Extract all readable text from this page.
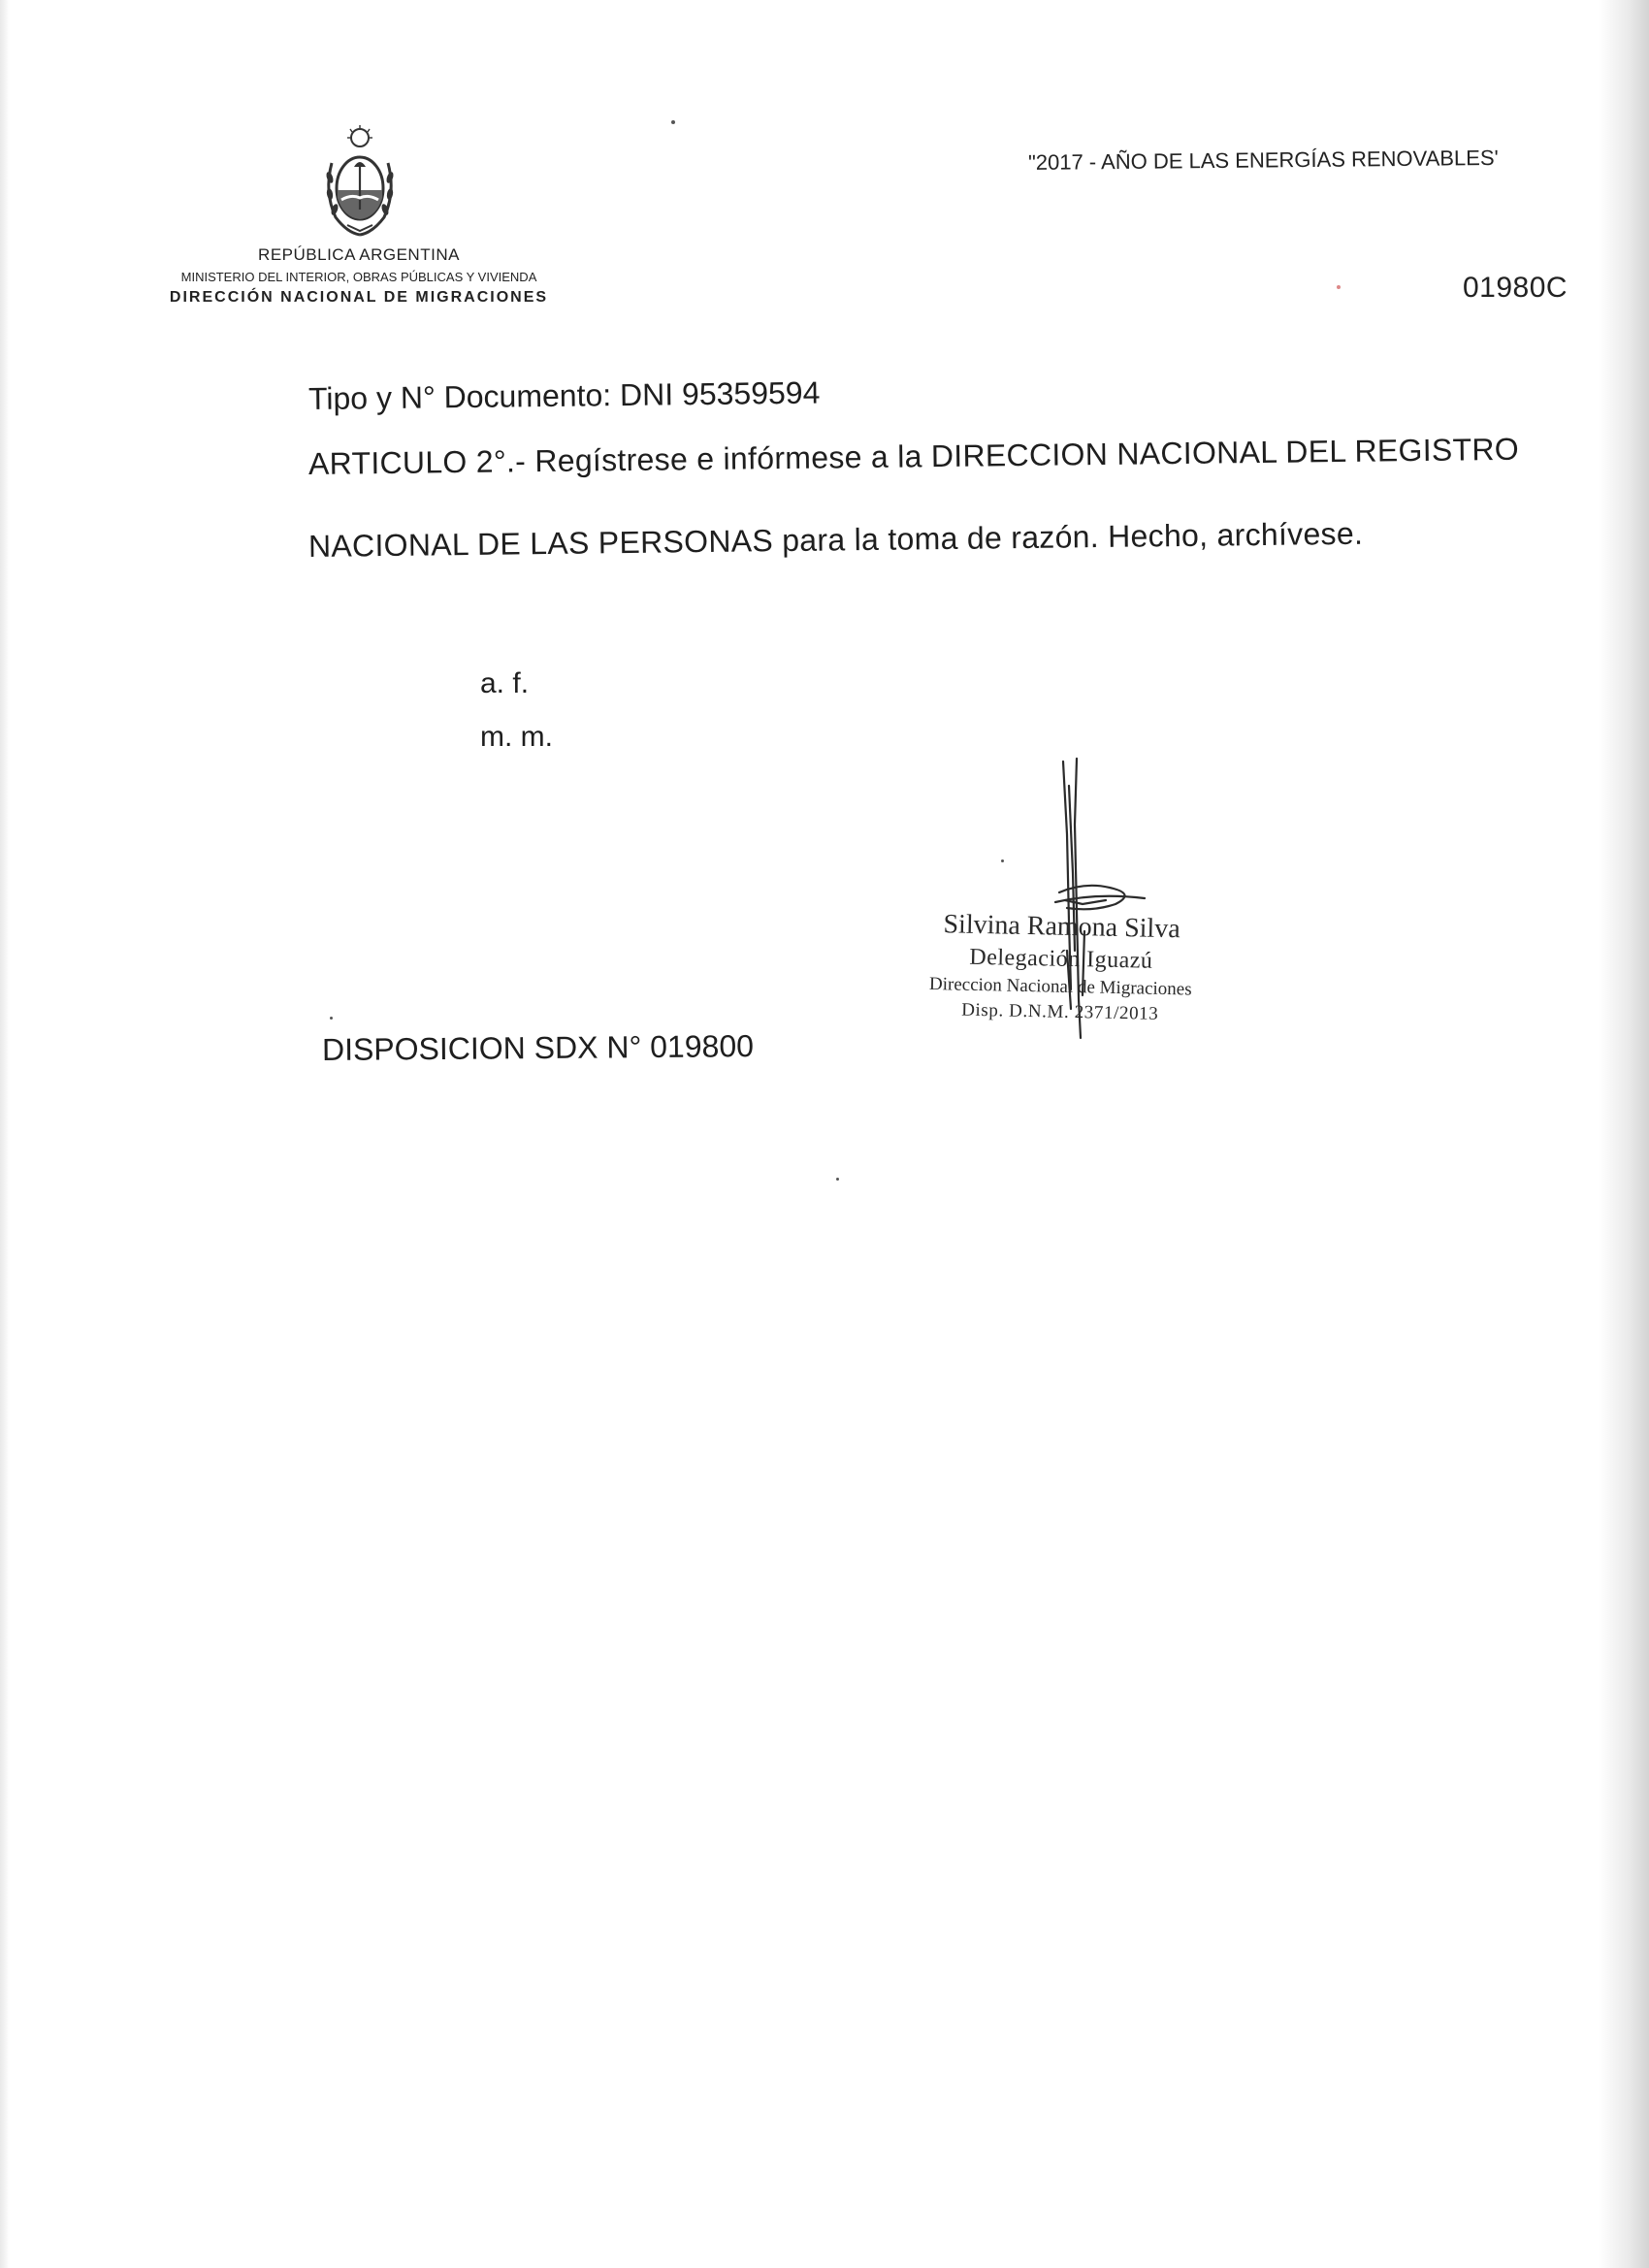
REPÚBLICA ARGENTINA
MINISTERIO DEL INTERIOR, OBRAS PÚBLICAS Y VIVIENDA
DIRECCIÓN NACIONAL DE MIGRACIONES
"2017 - AÑO DE LAS ENERGÍAS RENOVABLES'
01980C
Tipo y N° Documento: DNI 95359594
ARTICULO 2°.- Regístrese e infórmese a la DIRECCION NACIONAL DEL REGISTRO
NACIONAL DE LAS PERSONAS para la toma de razón. Hecho, archívese.
a. f.
m. m.
DISPOSICION SDX N° 019800
Silvina Ramona Silva
Delegación Iguazú
Direccion Nacional de Migraciones
Disp. D.N.M. 2371/2013
